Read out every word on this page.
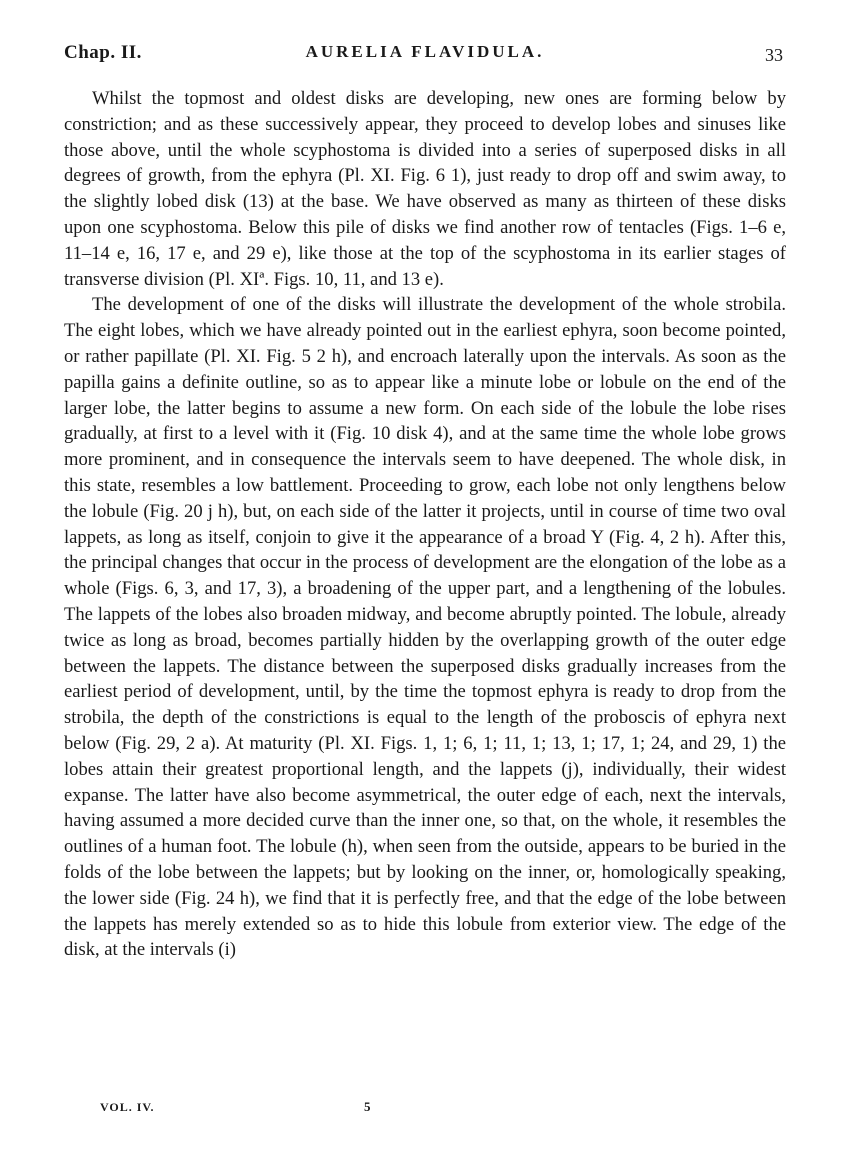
Chap. II.	AURELIA FLAVIDULA.	33

Whilst the topmost and oldest disks are developing, new ones are forming below by constriction; and as these successively appear, they proceed to develop lobes and sinuses like those above, until the whole scyphostoma is divided into a series of superposed disks in all degrees of growth, from the ephyra (Pl. XI. Fig. 6 1), just ready to drop off and swim away, to the slightly lobed disk (13) at the base. We have observed as many as thirteen of these disks upon one scyphostoma. Below this pile of disks we find another row of tentacles (Figs. 1–6 e, 11–14 e, 16, 17 e, and 29 e), like those at the top of the scyphostoma in its earlier stages of transverse division (Pl. XIª. Figs. 10, 11, and 13 e).

The development of one of the disks will illustrate the development of the whole strobila. The eight lobes, which we have already pointed out in the earliest ephyra, soon become pointed, or rather papillate (Pl. XI. Fig. 5 2 h), and encroach laterally upon the intervals. As soon as the papilla gains a definite outline, so as to appear like a minute lobe or lobule on the end of the larger lobe, the latter begins to assume a new form. On each side of the lobule the lobe rises gradually, at first to a level with it (Fig. 10 disk 4), and at the same time the whole lobe grows more prominent, and in consequence the intervals seem to have deepened. The whole disk, in this state, resembles a low battlement. Proceeding to grow, each lobe not only lengthens below the lobule (Fig. 20 j h), but, on each side of the latter it projects, until in course of time two oval lappets, as long as itself, conjoin to give it the appearance of a broad Y (Fig. 4, 2 h). After this, the principal changes that occur in the process of development are the elongation of the lobe as a whole (Figs. 6, 3, and 17, 3), a broadening of the upper part, and a lengthening of the lobules. The lappets of the lobes also broaden midway, and become abruptly pointed. The lobule, already twice as long as broad, becomes partially hidden by the overlapping growth of the outer edge between the lappets. The distance between the superposed disks gradually increases from the earliest period of development, until, by the time the topmost ephyra is ready to drop from the strobila, the depth of the constrictions is equal to the length of the proboscis of ephyra next below (Fig. 29, 2 a). At maturity (Pl. XI. Figs. 1, 1; 6, 1; 11, 1; 13, 1; 17, 1; 24, and 29, 1) the lobes attain their greatest proportional length, and the lappets (j), individually, their widest expanse. The latter have also become asymmetrical, the outer edge of each, next the intervals, having assumed a more decided curve than the inner one, so that, on the whole, it resembles the outlines of a human foot. The lobule (h), when seen from the outside, appears to be buried in the folds of the lobe between the lappets; but by looking on the inner, or, homologically speaking, the lower side (Fig. 24 h), we find that it is perfectly free, and that the edge of the lobe between the lappets has merely extended so as to hide this lobule from exterior view. The edge of the disk, at the intervals (i)

VOL. IV.	5
